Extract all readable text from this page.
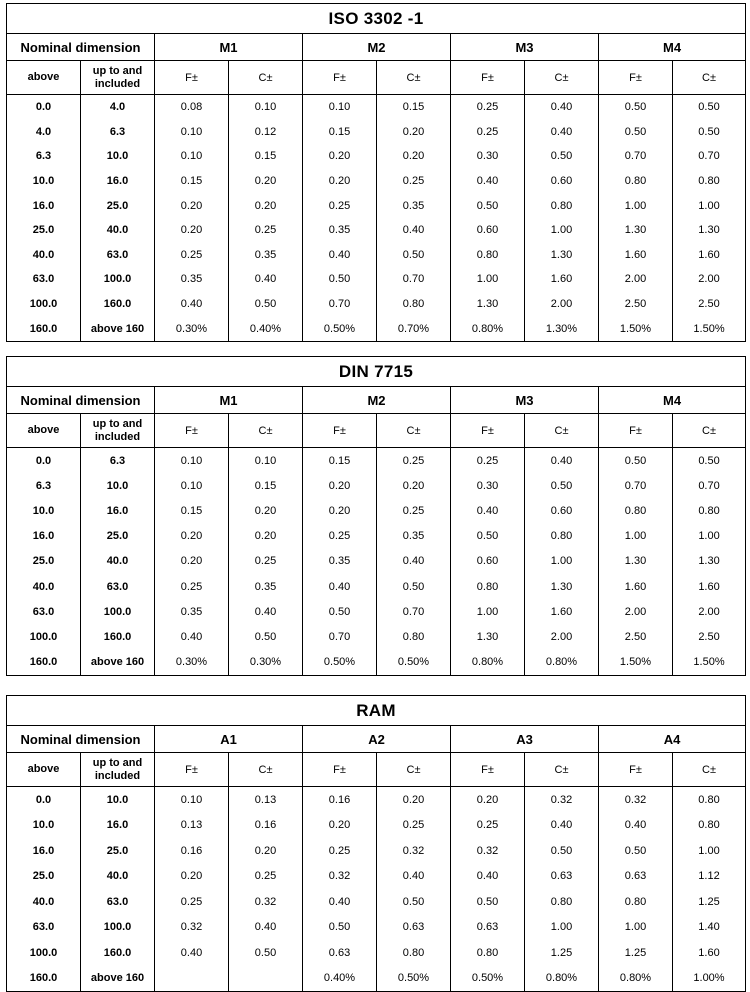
ISO 3302 -1									
Nominal dimension		M1		M2		M3		M4	
above	up to and included	F±	C±	F±	C±	F±	C±	F±	C±
0.0	4.0	0.08	0.10	0.10	0.15	0.25	0.40	0.50	0.50
4.0	6.3	0.10	0.12	0.15	0.20	0.25	0.40	0.50	0.50
6.3	10.0	0.10	0.15	0.20	0.20	0.30	0.50	0.70	0.70
10.0	16.0	0.15	0.20	0.20	0.25	0.40	0.60	0.80	0.80
16.0	25.0	0.20	0.20	0.25	0.35	0.50	0.80	1.00	1.00
25.0	40.0	0.20	0.25	0.35	0.40	0.60	1.00	1.30	1.30
40.0	63.0	0.25	0.35	0.40	0.50	0.80	1.30	1.60	1.60
63.0	100.0	0.35	0.40	0.50	0.70	1.00	1.60	2.00	2.00
100.0	160.0	0.40	0.50	0.70	0.80	1.30	2.00	2.50	2.50
160.0	above 160	0.30%	0.40%	0.50%	0.70%	0.80%	1.30%	1.50%	1.50%
DIN 7715									
Nominal dimension		M1		M2		M3		M4	
above	up to and included	F±	C±	F±	C±	F±	C±	F±	C±
0.0	6.3	0.10	0.10	0.15	0.25	0.25	0.40	0.50	0.50
6.3	10.0	0.10	0.15	0.20	0.20	0.30	0.50	0.70	0.70
10.0	16.0	0.15	0.20	0.20	0.25	0.40	0.60	0.80	0.80
16.0	25.0	0.20	0.20	0.25	0.35	0.50	0.80	1.00	1.00
25.0	40.0	0.20	0.25	0.35	0.40	0.60	1.00	1.30	1.30
40.0	63.0	0.25	0.35	0.40	0.50	0.80	1.30	1.60	1.60
63.0	100.0	0.35	0.40	0.50	0.70	1.00	1.60	2.00	2.00
100.0	160.0	0.40	0.50	0.70	0.80	1.30	2.00	2.50	2.50
160.0	above 160	0.30%	0.30%	0.50%	0.50%	0.80%	0.80%	1.50%	1.50%
RAM									
Nominal dimension		A1		A2		A3		A4	
above	up to and included	F±	C±	F±	C±	F±	C±	F±	C±
0.0	10.0	0.10	0.13	0.16	0.20	0.20	0.32	0.32	0.80
10.0	16.0	0.13	0.16	0.20	0.25	0.25	0.40	0.40	0.80
16.0	25.0	0.16	0.20	0.25	0.32	0.32	0.50	0.50	1.00
25.0	40.0	0.20	0.25	0.32	0.40	0.40	0.63	0.63	1.12
40.0	63.0	0.25	0.32	0.40	0.50	0.50	0.80	0.80	1.25
63.0	100.0	0.32	0.40	0.50	0.63	0.63	1.00	1.00	1.40
100.0	160.0	0.40	0.50	0.63	0.80	0.80	1.25	1.25	1.60
160.0	above 160			0.40%	0.50%	0.50%	0.80%	0.80%	1.00%
